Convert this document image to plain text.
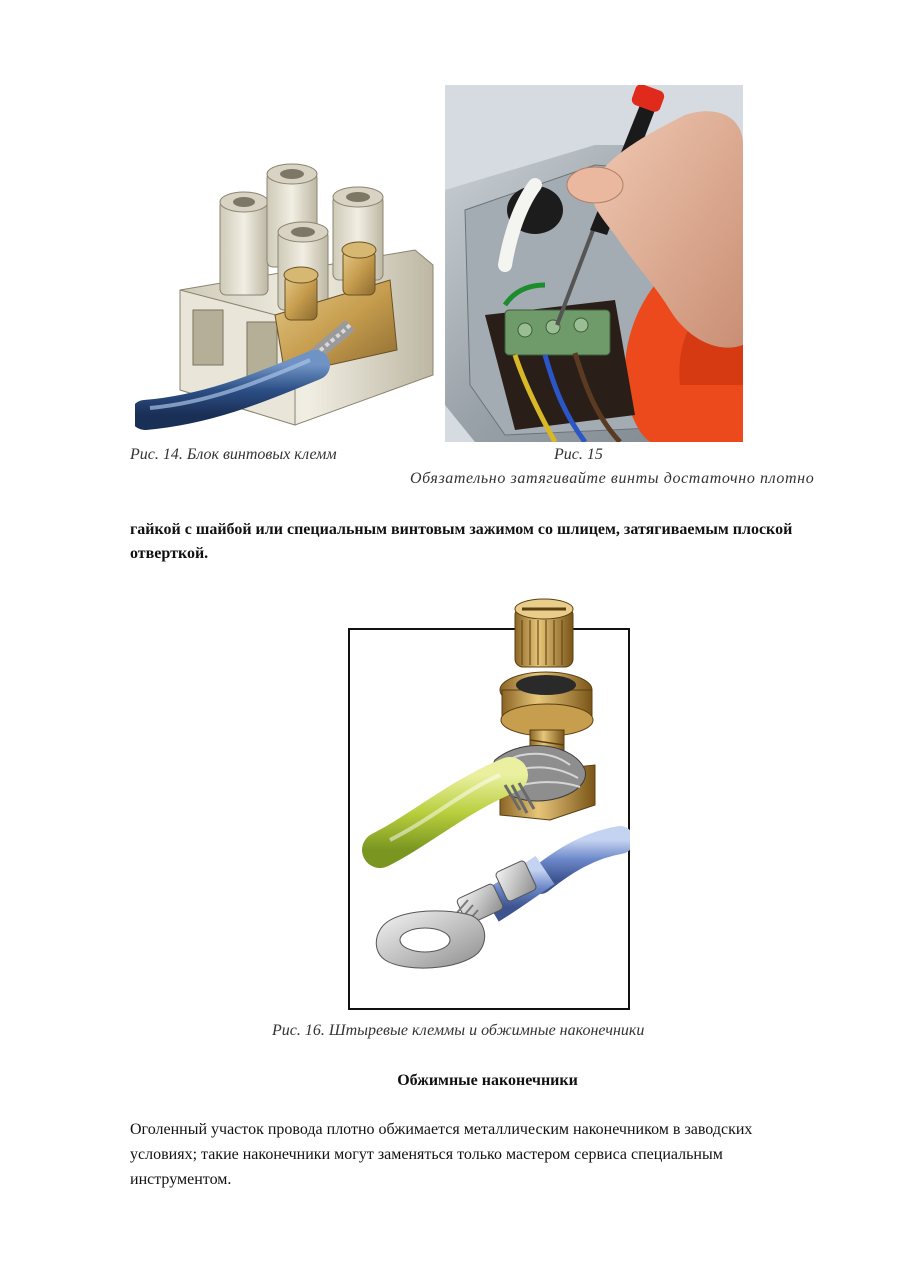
Рис. 14. Блок винтовых клемм	Рис. 15
Обязательно затягивайте винты достаточно плотно
гайкой с шайбой или специальным винтовым зажимом со шлицем, затягиваемым плоской отверткой.
Рис. 16. Штыревые клеммы и обжимные наконечники
Обжимные наконечники
Оголенный участок провода плотно обжимается металлическим наконечником в заводских условиях; такие наконечники могут заменяться только мастером сервиса специальным инструментом.
